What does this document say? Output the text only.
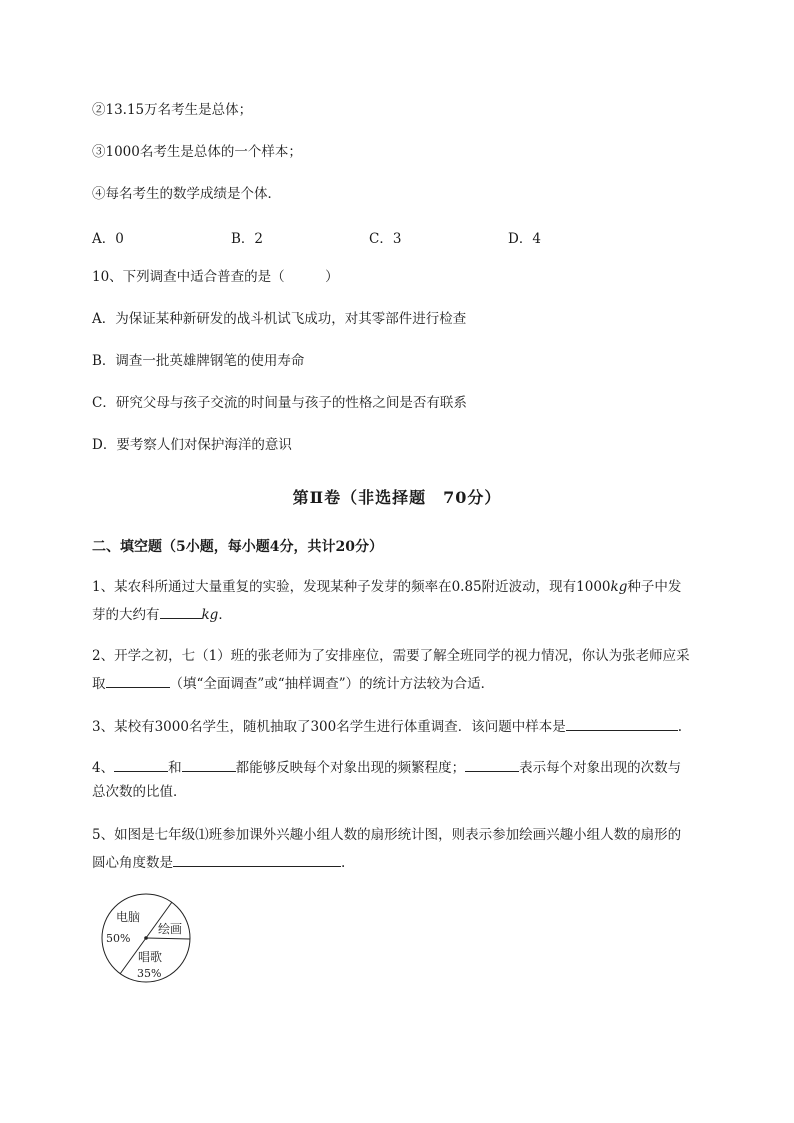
②13.15万名考生是总体；
③1000名考生是总体的一个样本；
④每名考生的数学成绩是个体．
A．0	B．2	C．3	D．4
10、下列调查中适合普查的是（　　　）
A．为保证某种新研发的战斗机试飞成功，对其零部件进行检查
B．调查一批英雄牌钢笔的使用寿命
C．研究父母与孩子交流的时间量与孩子的性格之间是否有联系
D．要考察人们对保护海洋的意识
第Ⅱ卷（非选择题　70分）
二、填空题（5小题，每小题4分，共计20分）
1、某农科所通过大量重复的实验，发现某种子发芽的频率在0.85附近波动，现有1000kg种子中发
芽的大约有	kg．
2、开学之初，七（1）班的张老师为了安排座位，需要了解全班同学的视力情况，你认为张老师应采
取	（填“全面调查”或“抽样调查”）的统计方法较为合适．
3、某校有3000名学生，随机抽取了300名学生进行体重调查．该问题中样本是	.
4、	和	都能够反映每个对象出现的频繁程度；	表示每个对象出现的次数与
总次数的比值．
5、如图是七年级⑴班参加课外兴趣小组人数的扇形统计图，则表示参加绘画兴趣小组人数的扇形的
圆心角度数是	.
电脑
50%
绘画
唱歌
35%
